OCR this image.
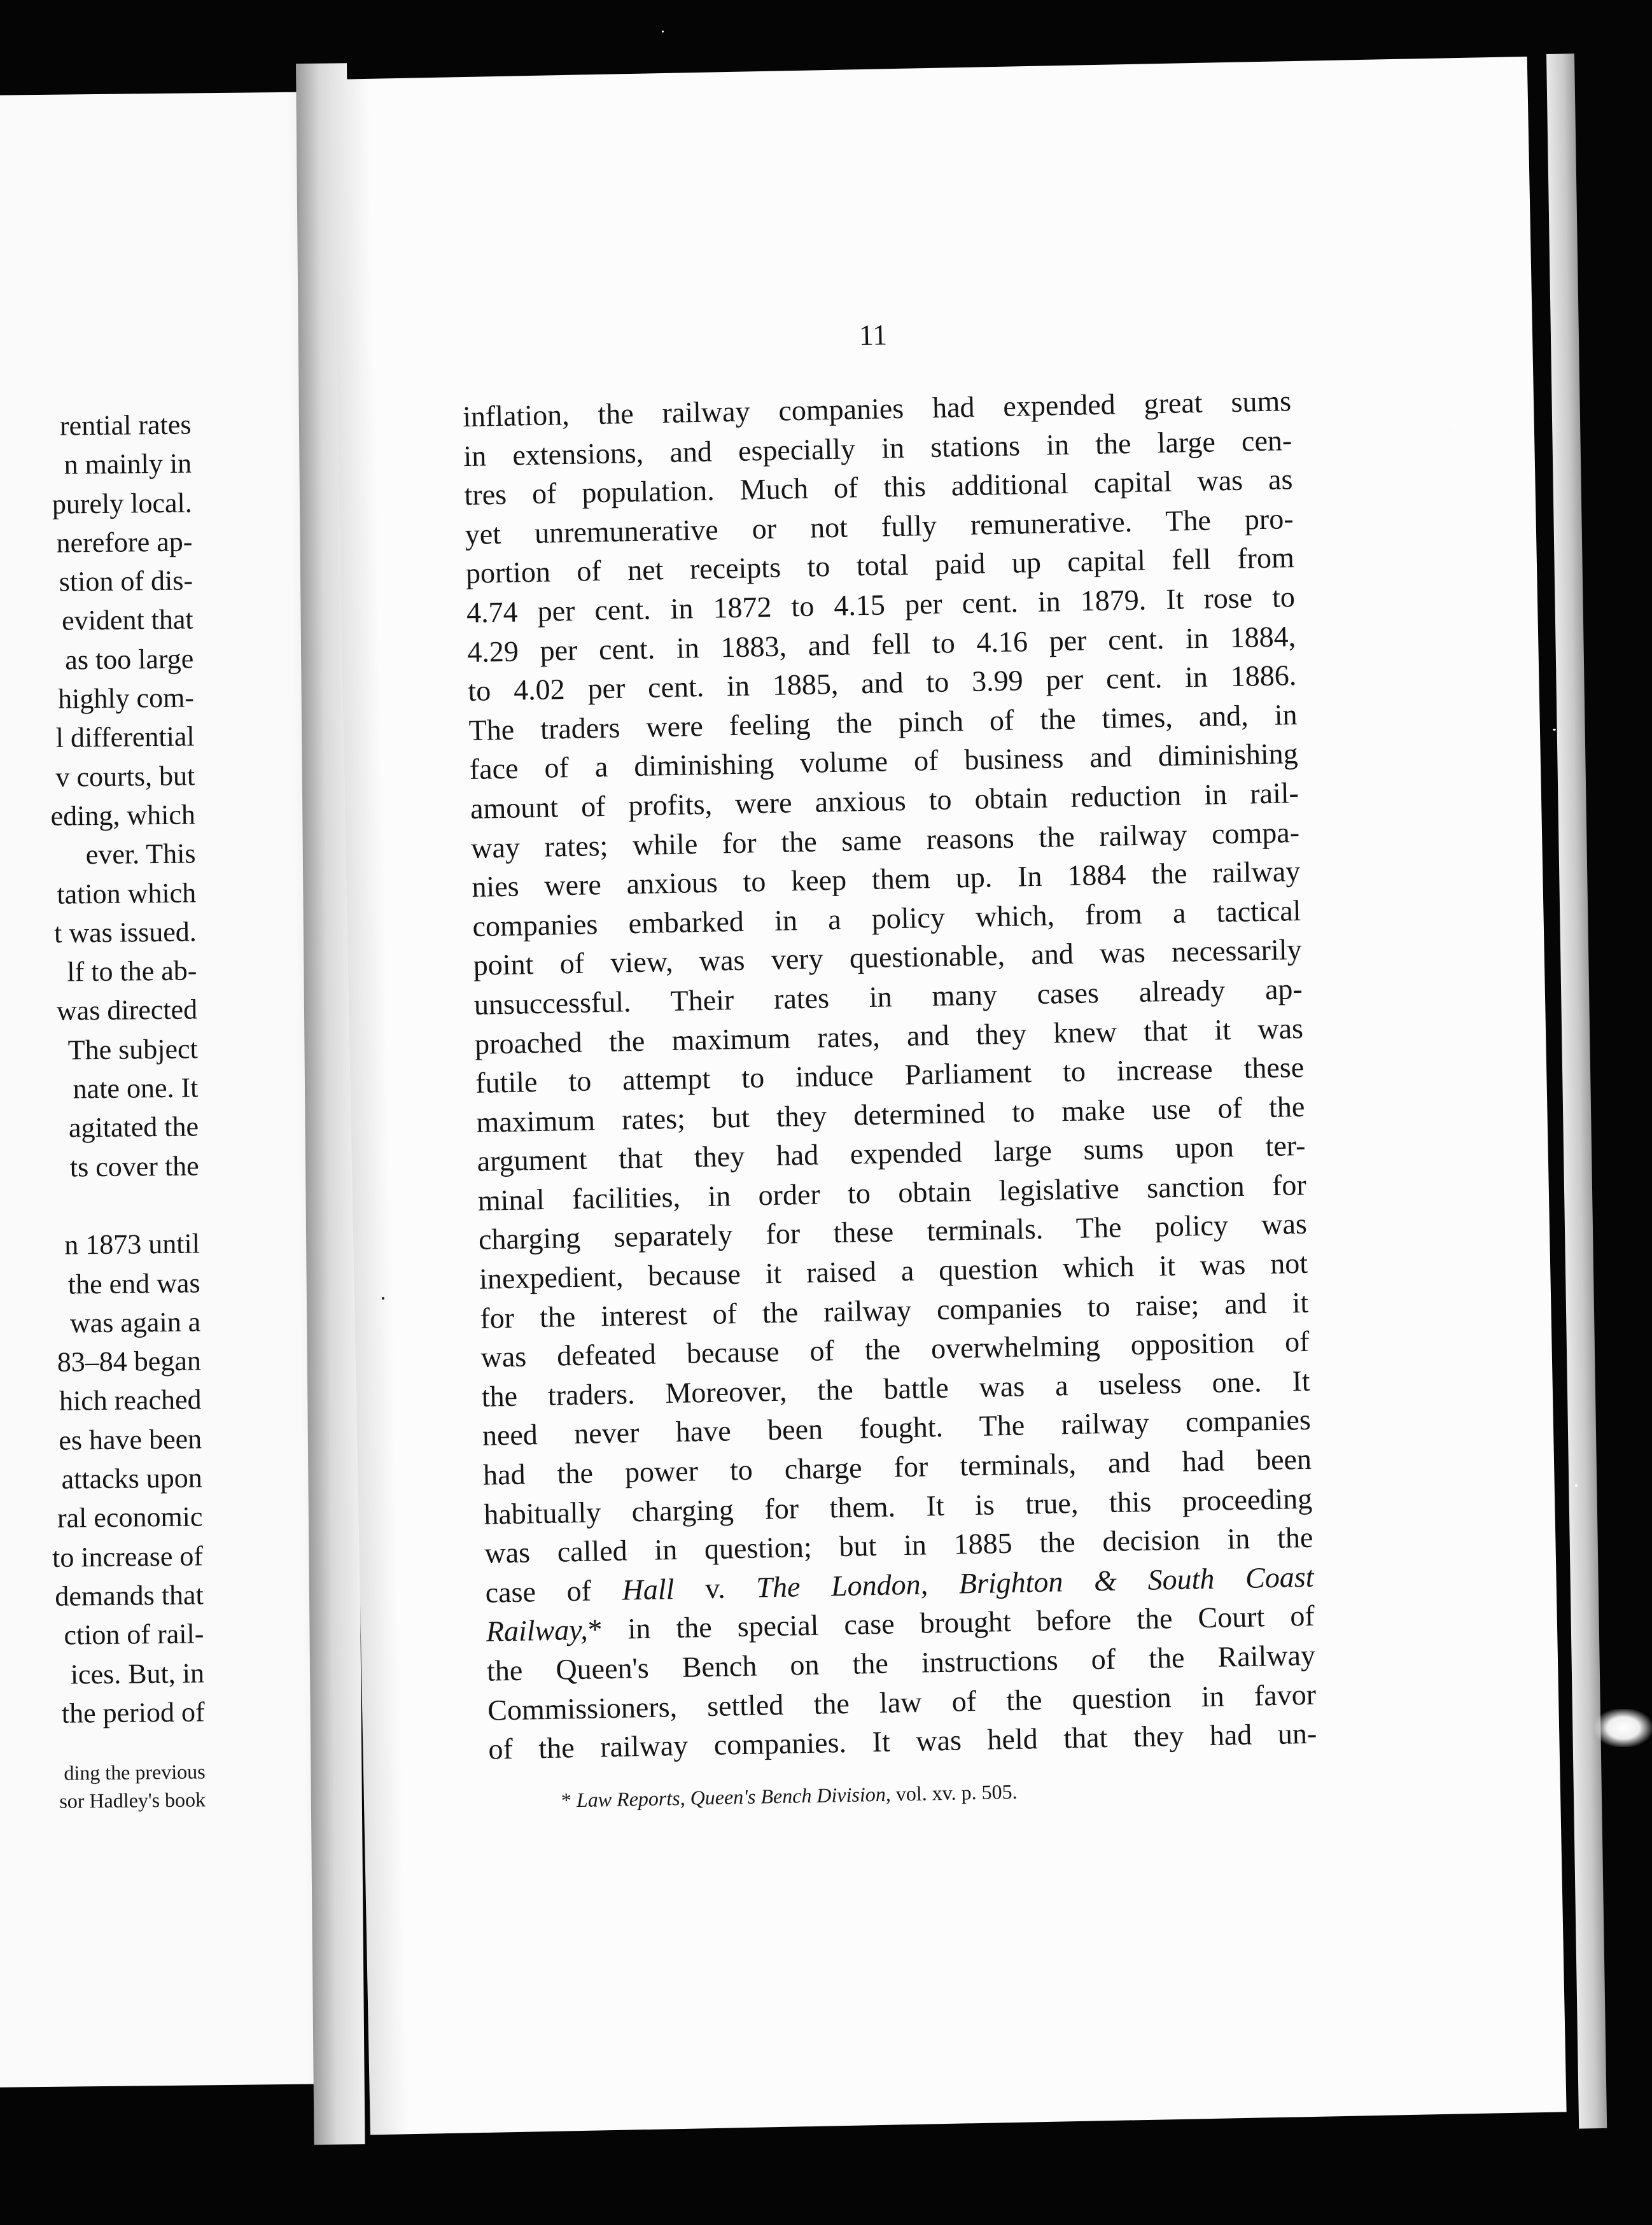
rential rates
n mainly in
purely local.
nerefore ap-
stion of dis-
evident that
as too large
highly com-
l differential
v courts, but
eding, which
ever. This
tation which
t was issued.
lf to the ab-
was directed
The subject
nate one. It
agitated the
ts cover the
n 1873 until
the end was
was again a
83–84 began
hich reached
es have been
attacks upon
ral economic
to increase of
demands that
ction of rail-
ices. But, in
the period of
ding the previous
sor Hadley's book
11
inflation, the railway companies had expended great sums
in extensions, and especially in stations in the large cen-
tres of population. Much of this additional capital was as
yet unremunerative or not fully remunerative. The pro-
portion of net receipts to total paid up capital fell from
4.74 per cent. in 1872 to 4.15 per cent. in 1879. It rose to
4.29 per cent. in 1883, and fell to 4.16 per cent. in 1884,
to 4.02 per cent. in 1885, and to 3.99 per cent. in 1886.
The traders were feeling the pinch of the times, and, in
face of a diminishing volume of business and diminishing
amount of profits, were anxious to obtain reduction in rail-
way rates; while for the same reasons the railway compa-
nies were anxious to keep them up. In 1884 the railway
companies embarked in a policy which, from a tactical
point of view, was very questionable, and was necessarily
unsuccessful. Their rates in many cases already ap-
proached the maximum rates, and they knew that it was
futile to attempt to induce Parliament to increase these
maximum rates; but they determined to make use of the
argument that they had expended large sums upon ter-
minal facilities, in order to obtain legislative sanction for
charging separately for these terminals. The policy was
inexpedient, because it raised a question which it was not
for the interest of the railway companies to raise; and it
was defeated because of the overwhelming opposition of
the traders. Moreover, the battle was a useless one. It
need never have been fought. The railway companies
had the power to charge for terminals, and had been
habitually charging for them. It is true, this proceeding
was called in question; but in 1885 the decision in the
case of Hall v. The London, Brighton & South Coast
Railway,* in the special case brought before the Court of
the Queen's Bench on the instructions of the Railway
Commissioners, settled the law of the question in favor
of the railway companies. It was held that they had un-
* Law Reports, Queen's Bench Division, vol. xv. p. 505.
